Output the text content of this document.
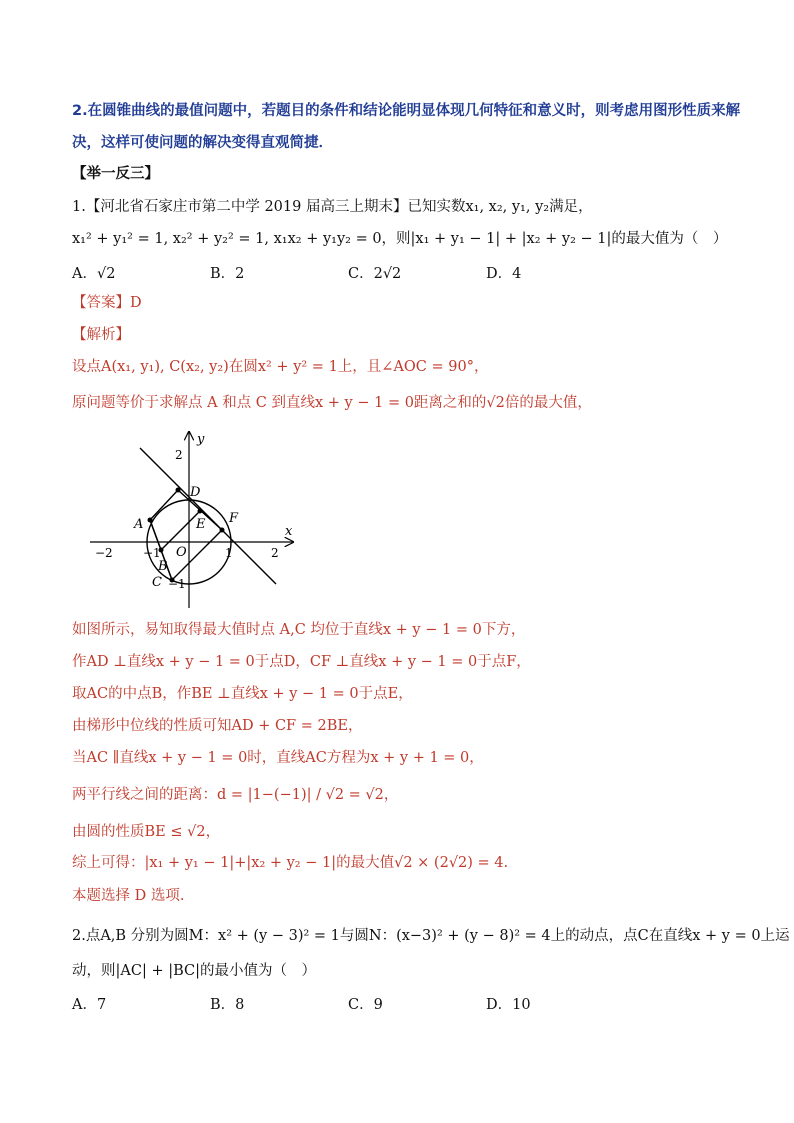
2.在圆锥曲线的最值问题中，若题目的条件和结论能明显体现几何特征和意义时，则考虑用图形性质来解
决，这样可使问题的解决变得直观简捷．
【举一反三】
1.【河北省石家庄市第二中学 2019 届高三上期末】已知实数x₁, x₂, y₁, y₂满足，
x₁² + y₁² = 1, x₂² + y₂² = 1, x₁x₂ + y₁y₂ = 0，则|x₁ + y₁ − 1| + |x₂ + y₂ − 1|的最大值为（　）
A．√2	B．2	C．2√2	D．4
【答案】D
【解析】
设点A(x₁, y₁), C(x₂, y₂)在圆x² + y² = 1上，且∠AOC = 90°，
原问题等价于求解点 A 和点 C 到直线x + y − 1 = 0距离之和的√2倍的最大值，
y
x
2
2
−2	−1	1
O
A
B
C −1
D
E F
如图所示，易知取得最大值时点 A,C 均位于直线x + y − 1 = 0下方，
作AD ⊥直线x + y − 1 = 0于点D，CF ⊥直线x + y − 1 = 0于点F，
取AC的中点B，作BE ⊥直线x + y − 1 = 0于点E，
由梯形中位线的性质可知AD + CF = 2BE，
当AC ∥直线x + y − 1 = 0时，直线AC方程为x + y + 1 = 0，
两平行线之间的距离：d = |1−(−1)| / √2 = √2，
由圆的性质BE ≤ √2，
综上可得：|x₁ + y₁ − 1|+|x₂ + y₂ − 1|的最大值√2 × (2√2) = 4.
本题选择 D 选项.
2.点A,B 分别为圆M：x² + (y − 3)² = 1与圆N：(x−3)² + (y − 8)² = 4上的动点，点C在直线x + y = 0上运
动，则|AC| + |BC|的最小值为（　）
A．7	B．8	C．9	D．10
